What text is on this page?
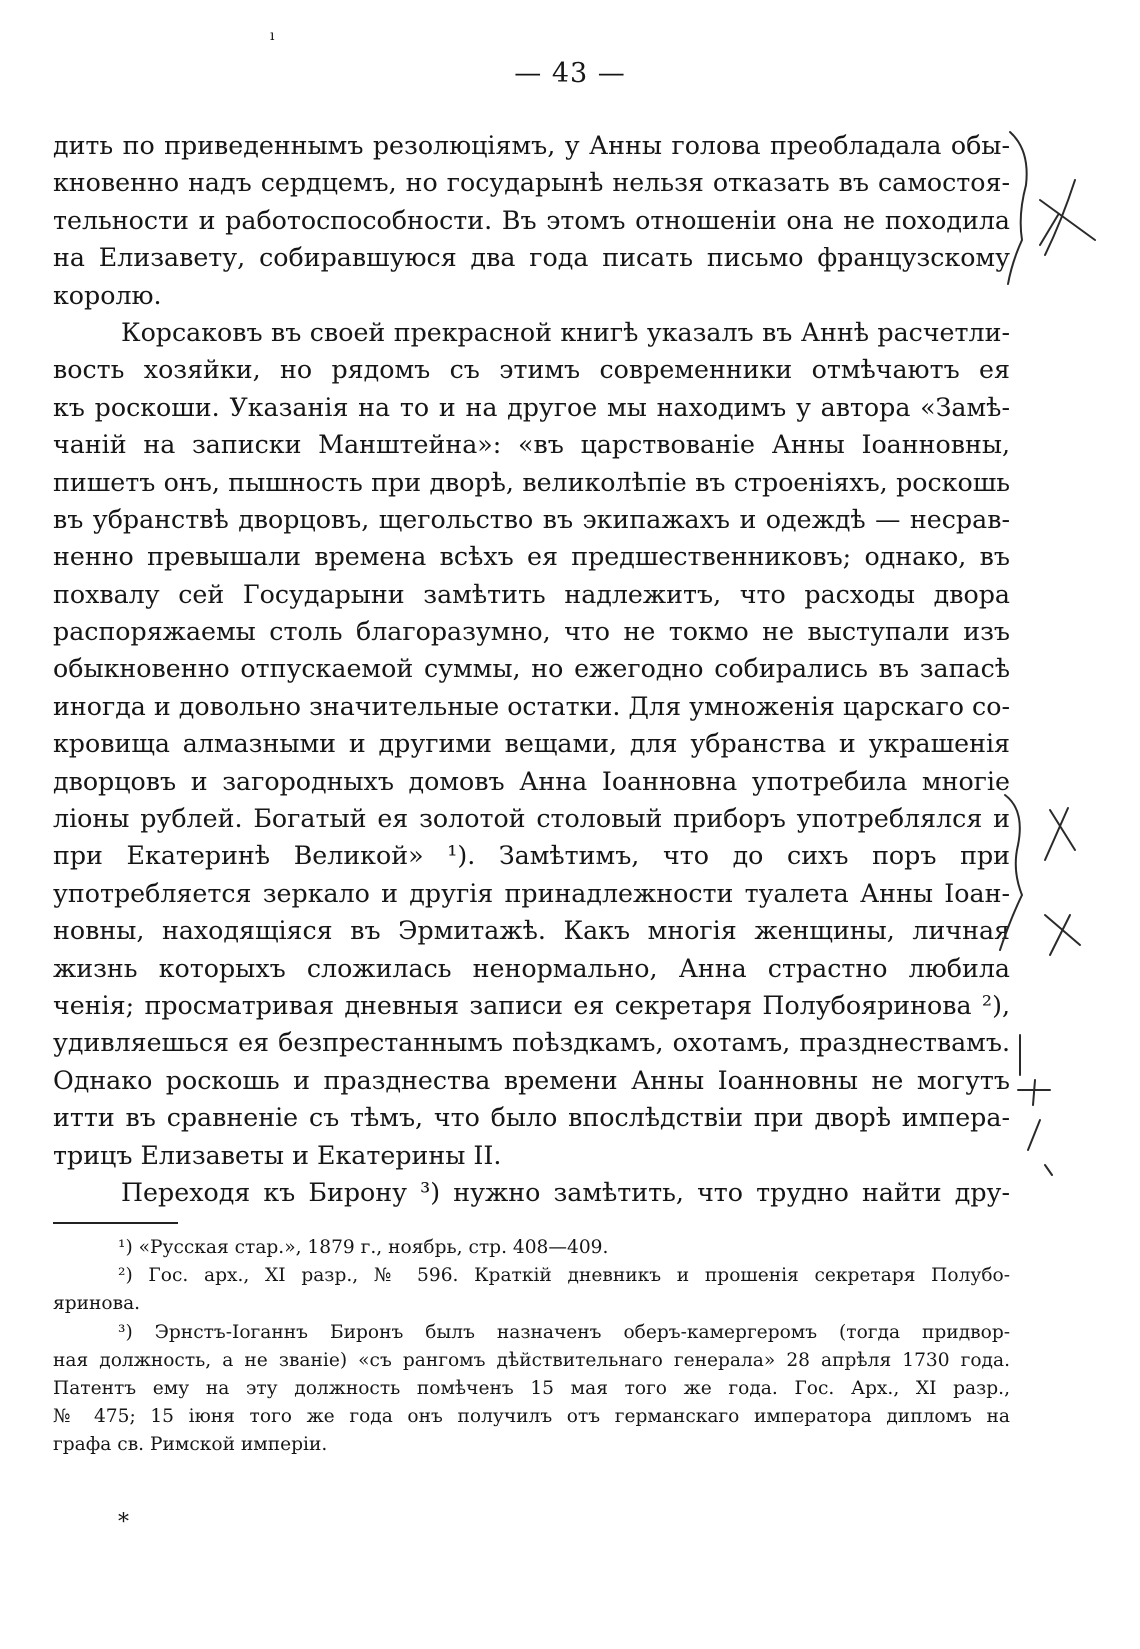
ı
— 43 —
дить по приведеннымъ резолюціямъ, у Анны голова преобладала обы-
кновенно надъ сердцемъ, но государынѣ нельзя отказать въ самостоя-
тельности и работоспособности. Въ этомъ отношеніи она не походила
на Елизавету, собиравшуюся два года писать письмо французскому
королю.
Корсаковъ въ своей прекрасной книгѣ указалъ въ Аннѣ расчетли-
вость хозяйки, но рядомъ съ этимъ современники отмѣчаютъ ея
къ роскоши. Указанія на то и на другое мы находимъ у автора «Замѣ-
чаній на записки Манштейна»: «въ царствованіе Анны Іоанновны,
пишетъ онъ, пышность при дворѣ, великолѣпіе въ строеніяхъ, роскошь
въ убранствѣ дворцовъ, щегольство въ экипажахъ и одеждѣ — несрав-
ненно превышали времена всѣхъ ея предшественниковъ; однако, въ
похвалу сей Государыни замѣтить надлежитъ, что расходы двора
распоряжаемы столь благоразумно, что не токмо не выступали изъ
обыкновенно отпускаемой суммы, но ежегодно собирались въ запасѣ
иногда и довольно значительные остатки. Для умноженія царскаго со-
кровища алмазными и другими вещами, для убранства и украшенія
дворцовъ и загородныхъ домовъ Анна Іоанновна употребила многіе
ліоны рублей. Богатый ея золотой столовый приборъ употреблялся и
при Екатеринѣ Великой» ¹). Замѣтимъ, что до сихъ поръ при
употребляется зеркало и другія принадлежности туалета Анны Іоан-
новны, находящіяся въ Эрмитажѣ. Какъ многія женщины, личная
жизнь которыхъ сложилась ненормально, Анна страстно любила
ченія; просматривая дневныя записи ея секретаря Полубояринова ²),
удивляешься ея безпрестаннымъ поѣздкамъ, охотамъ, празднествамъ.
Однако роскошь и празднества времени Анны Іоанновны не могутъ
итти въ сравненіе съ тѣмъ, что было впослѣдствіи при дворѣ импера-
трицъ Елизаветы и Екатерины II.
Переходя къ Бирону ³) нужно замѣтить, что трудно найти дру-
¹) «Русская стар.», 1879 г., ноябрь, стр. 408—409.
²) Гос. арх., XI разр., № 596. Краткій дневникъ и прошенія секретаря Полубо-
яринова.
³) Эрнстъ-Іоганнъ Биронъ былъ назначенъ оберъ-камергеромъ (тогда придвор-
ная должность, а не званіе) «съ рангомъ дѣйствительнаго генерала» 28 апрѣля 1730 года.
Патентъ ему на эту должность помѣченъ 15 мая того же года. Гос. Арх., XI разр.,
№ 475; 15 іюня того же года онъ получилъ отъ германскаго императора дипломъ на
графа св. Римской имперіи.
*
